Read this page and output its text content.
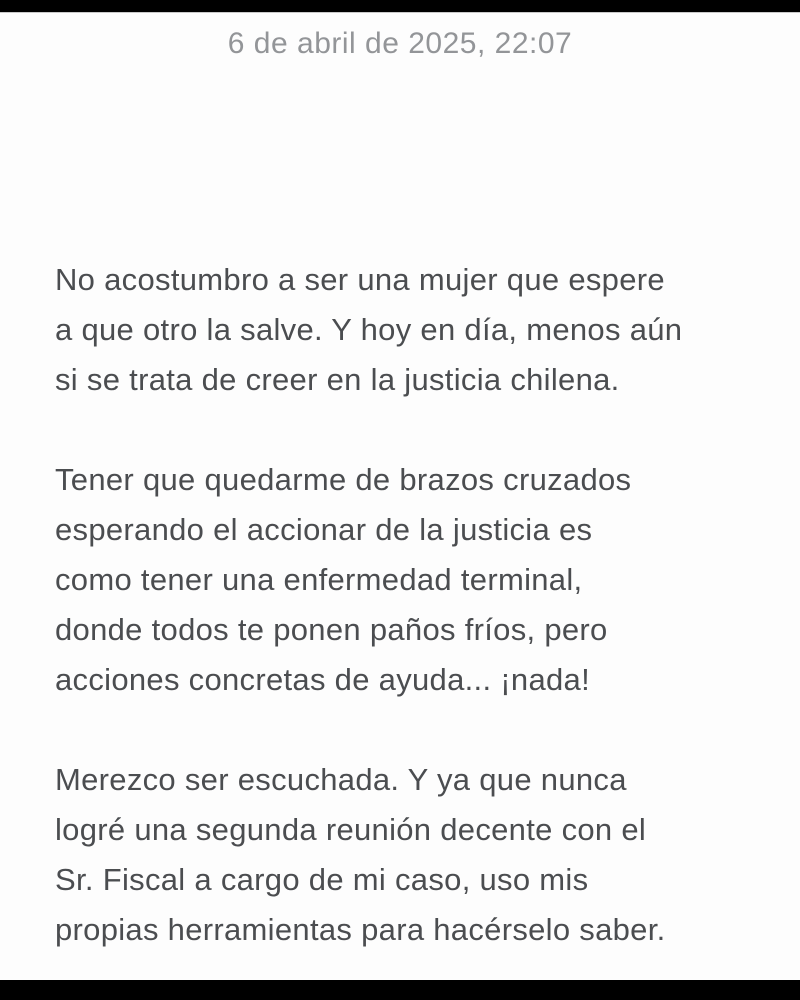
6 de abril de 2025, 22:07

No acostumbro a ser una mujer que espere
a que otro la salve. Y hoy en día, menos aún
si se trata de creer en la justicia chilena.

Tener que quedarme de brazos cruzados
esperando el accionar de la justicia es
como tener una enfermedad terminal,
donde todos te ponen paños fríos, pero
acciones concretas de ayuda... ¡nada!

Merezco ser escuchada. Y ya que nunca
logré una segunda reunión decente con el
Sr. Fiscal a cargo de mi caso, uso mis
propias herramientas para hacérselo saber.
